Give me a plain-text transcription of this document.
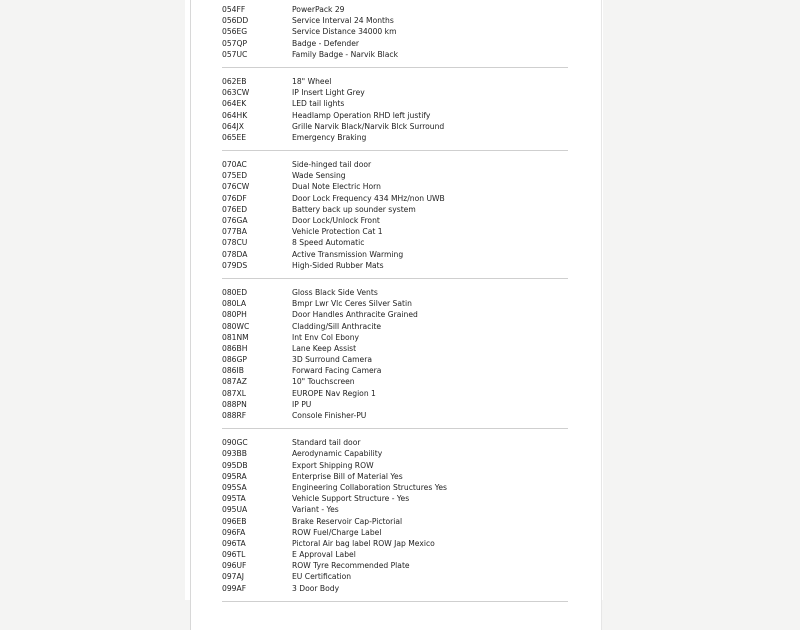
054FF	PowerPack 29
056DD	Service Interval 24 Months
056EG	Service Distance 34000 km
057QP	Badge - Defender
057UC	Family Badge - Narvik Black
062EB	18" Wheel
063CW	IP Insert Light Grey
064EK	LED tail lights
064HK	Headlamp Operation RHD left justify
064JX	Grille Narvik Black/Narvik Blck Surround
065EE	Emergency Braking
070AC	Side-hinged tail door
075ED	Wade Sensing
076CW	Dual Note Electric Horn
076DF	Door Lock Frequency 434 MHz/non UWB
076ED	Battery back up sounder system
076GA	Door Lock/Unlock Front
077BA	Vehicle Protection Cat 1
078CU	8 Speed Automatic
078DA	Active Transmission Warming
079DS	High-Sided Rubber Mats
080ED	Gloss Black Side Vents
080LA	Bmpr Lwr Vlc Ceres Silver Satin
080PH	Door Handles Anthracite Grained
080WC	Cladding/Sill Anthracite
081NM	Int Env Col Ebony
086BH	Lane Keep Assist
086GP	3D Surround Camera
086IB	Forward Facing Camera
087AZ	10" Touchscreen
087XL	EUROPE Nav Region 1
088PN	IP PU
088RF	Console Finisher-PU
090GC	Standard tail door
093BB	Aerodynamic Capability
095DB	Export Shipping ROW
095RA	Enterprise Bill of Material Yes
095SA	Engineering Collaboration Structures Yes
095TA	Vehicle Support Structure - Yes
095UA	Variant - Yes
096EB	Brake Reservoir Cap-Pictorial
096FA	ROW Fuel/Charge Label
096TA	Pictoral Air bag label ROW Jap Mexico
096TL	E Approval Label
096UF	ROW Tyre Recommended Plate
097AJ	EU Certification
099AF	3 Door Body
